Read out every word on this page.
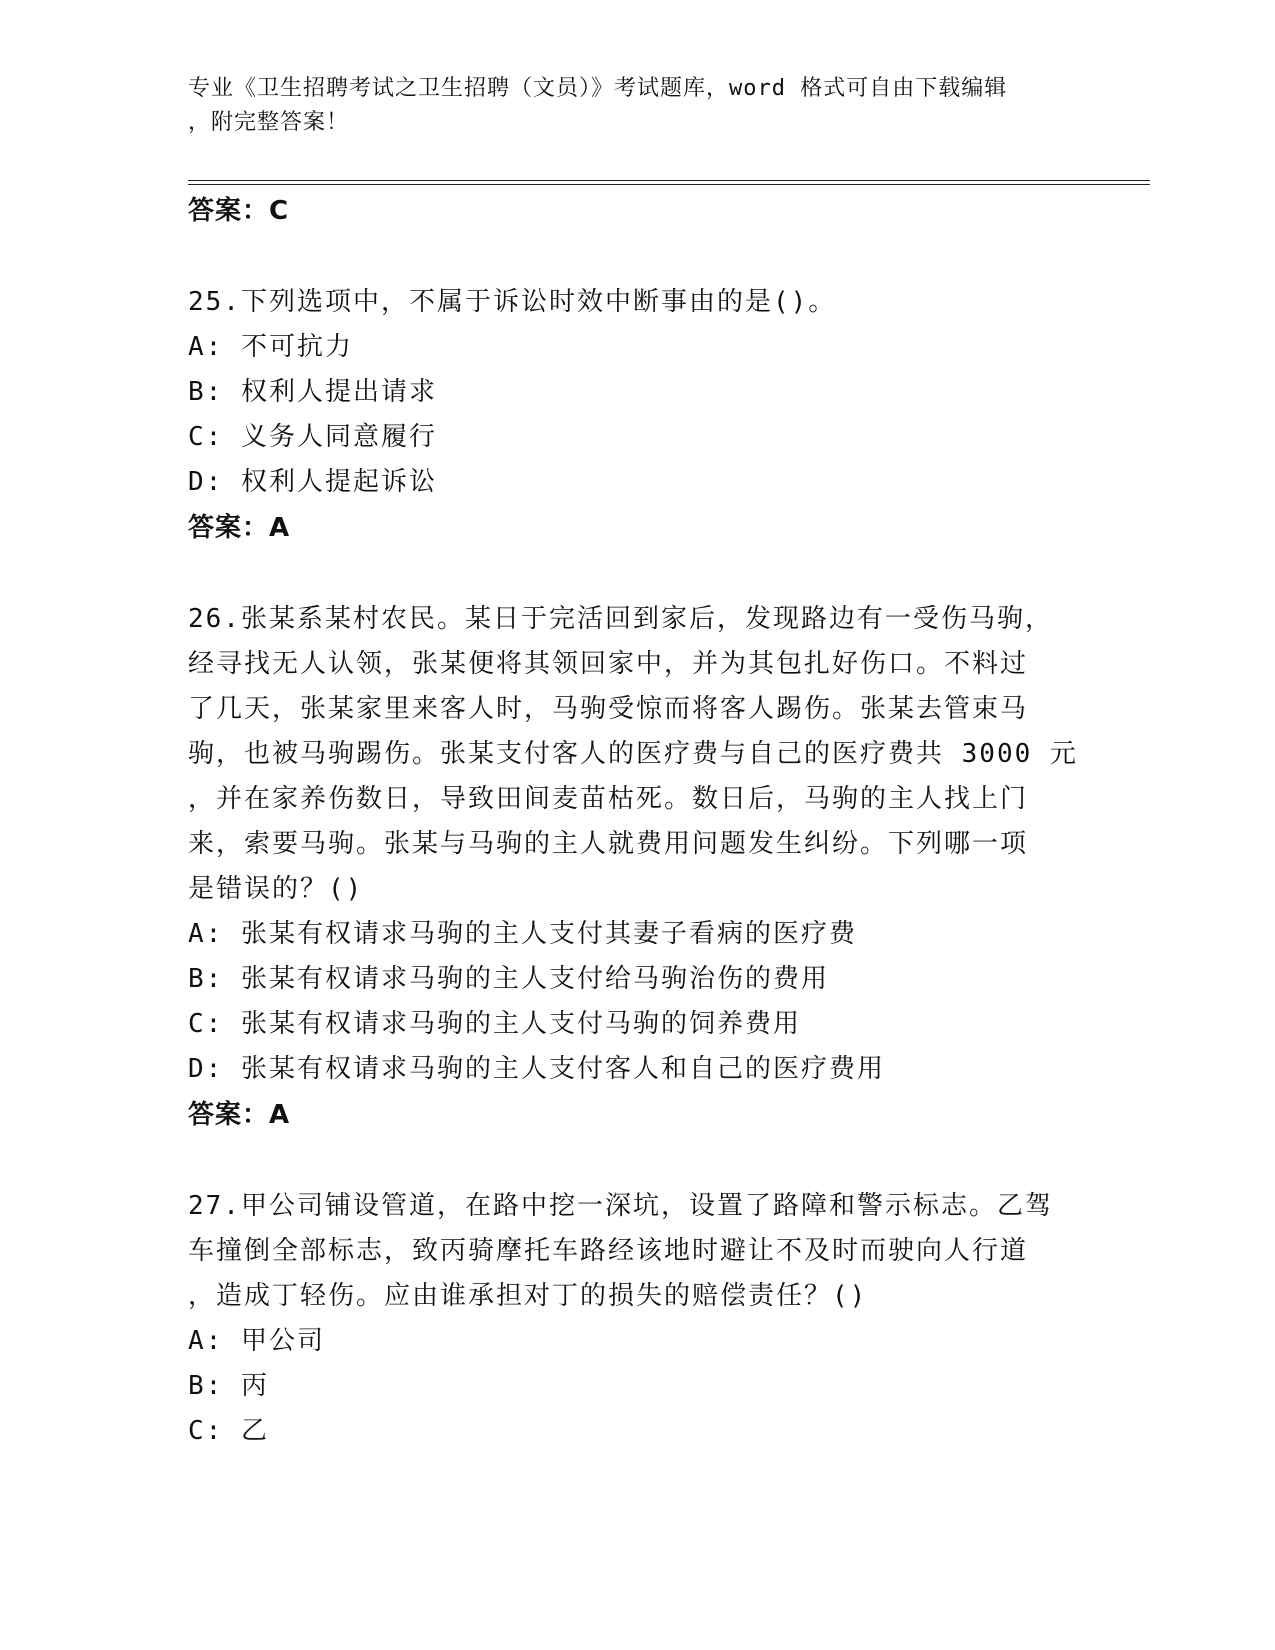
专业《卫生招聘考试之卫生招聘（文员）》考试题库，word 格式可自由下载编辑
，附完整答案！
答案：C
25.下列选项中，不属于诉讼时效中断事由的是()。
A: 不可抗力
B: 权利人提出请求
C: 义务人同意履行
D: 权利人提起诉讼
答案：A
26.张某系某村农民。某日于完活回到家后，发现路边有一受伤马驹，
经寻找无人认领，张某便将其领回家中，并为其包扎好伤口。不料过
了几天，张某家里来客人时，马驹受惊而将客人踢伤。张某去管束马
驹，也被马驹踢伤。张某支付客人的医疗费与自己的医疗费共 3000 元
，并在家养伤数日，导致田间麦苗枯死。数日后，马驹的主人找上门
来，索要马驹。张某与马驹的主人就费用问题发生纠纷。下列哪一项
是错误的？()
A: 张某有权请求马驹的主人支付其妻子看病的医疗费
B: 张某有权请求马驹的主人支付给马驹治伤的费用
C: 张某有权请求马驹的主人支付马驹的饲养费用
D: 张某有权请求马驹的主人支付客人和自己的医疗费用
答案：A
27.甲公司铺设管道，在路中挖一深坑，设置了路障和警示标志。乙驾
车撞倒全部标志，致丙骑摩托车路经该地时避让不及时而驶向人行道
，造成丁轻伤。应由谁承担对丁的损失的赔偿责任？()
A: 甲公司
B: 丙
C: 乙
